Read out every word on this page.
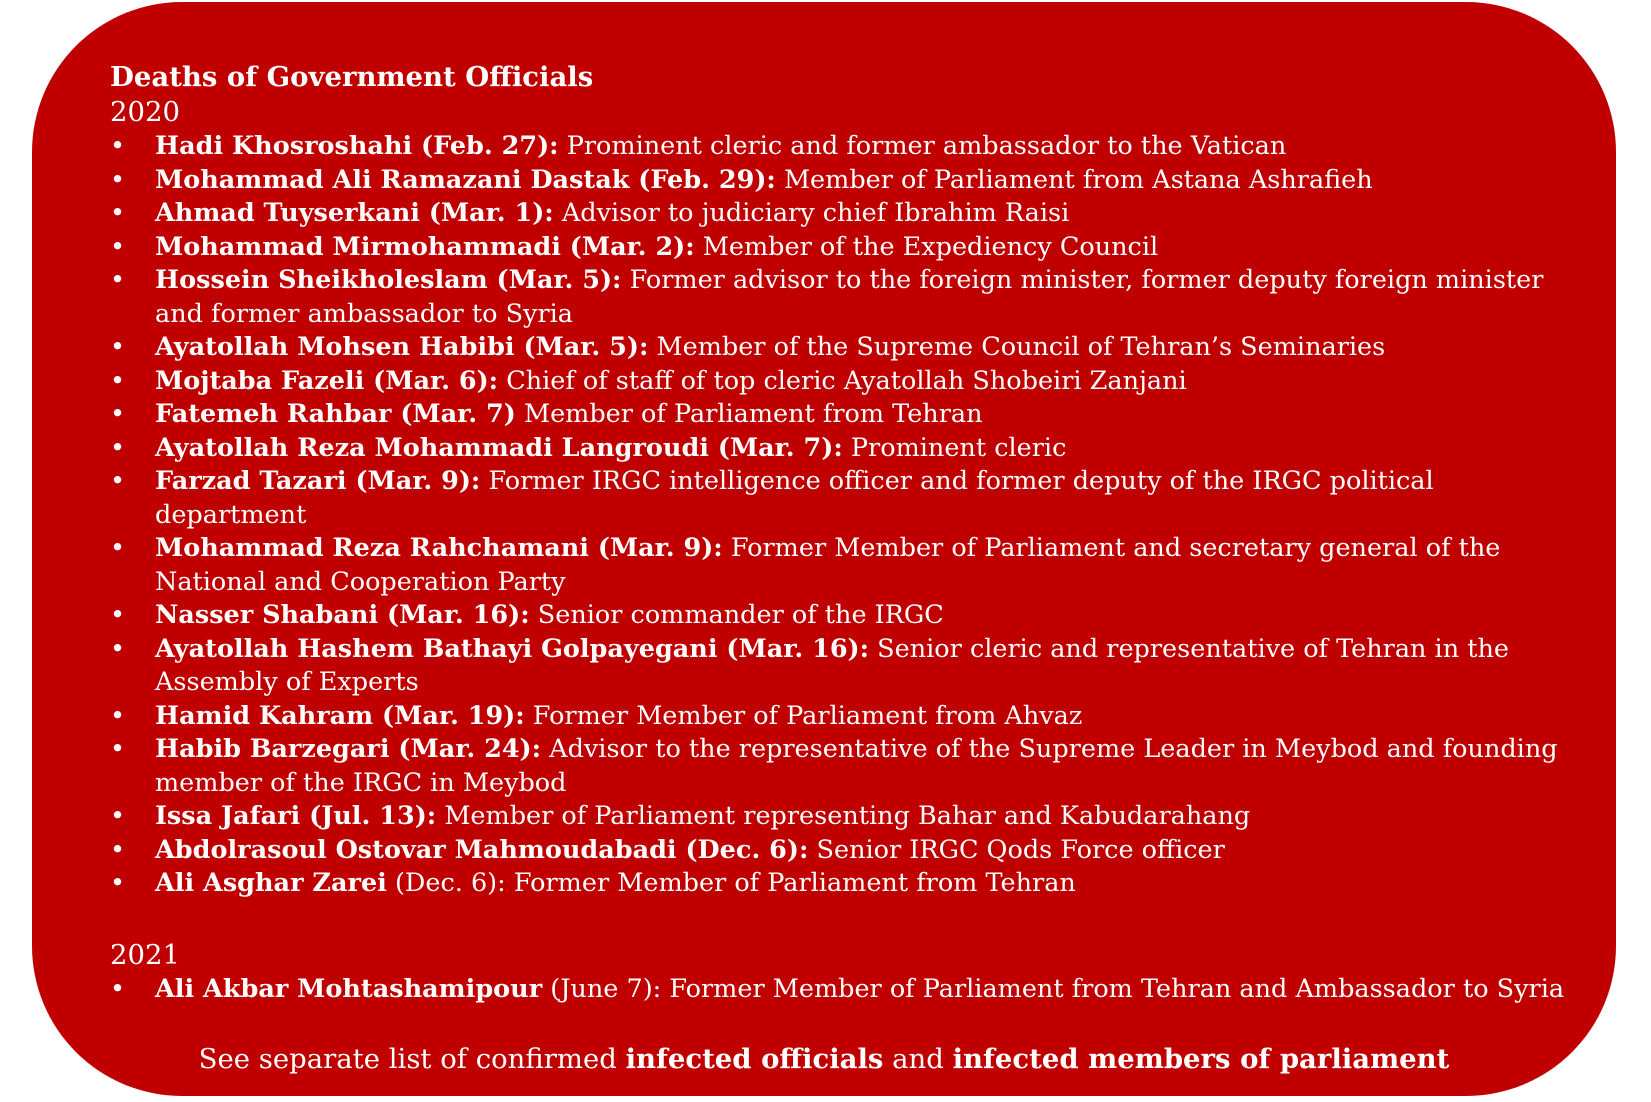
Deaths of Government Officials
2020
• Hadi Khosroshahi (Feb. 27): Prominent cleric and former ambassador to the Vatican
• Mohammad Ali Ramazani Dastak (Feb. 29): Member of Parliament from Astana Ashrafieh
• Ahmad Tuyserkani (Mar. 1): Advisor to judiciary chief Ibrahim Raisi
• Mohammad Mirmohammadi (Mar. 2): Member of the Expediency Council
• Hossein Sheikholeslam (Mar. 5): Former advisor to the foreign minister, former deputy foreign minister and former ambassador to Syria
• Ayatollah Mohsen Habibi (Mar. 5): Member of the Supreme Council of Tehran’s Seminaries
• Mojtaba Fazeli (Mar. 6): Chief of staff of top cleric Ayatollah Shobeiri Zanjani
• Fatemeh Rahbar (Mar. 7) Member of Parliament from Tehran
• Ayatollah Reza Mohammadi Langroudi (Mar. 7): Prominent cleric
• Farzad Tazari (Mar. 9): Former IRGC intelligence officer and former deputy of the IRGC political department
• Mohammad Reza Rahchamani (Mar. 9): Former Member of Parliament and secretary general of the National and Cooperation Party
• Nasser Shabani (Mar. 16): Senior commander of the IRGC
• Ayatollah Hashem Bathayi Golpayegani (Mar. 16): Senior cleric and representative of Tehran in the Assembly of Experts
• Hamid Kahram (Mar. 19): Former Member of Parliament from Ahvaz
• Habib Barzegari (Mar. 24): Advisor to the representative of the Supreme Leader in Meybod and founding member of the IRGC in Meybod
• Issa Jafari (Jul. 13): Member of Parliament representing Bahar and Kabudarahang
• Abdolrasoul Ostovar Mahmoudabadi (Dec. 6): Senior IRGC Qods Force officer
• Ali Asghar Zarei (Dec. 6): Former Member of Parliament from Tehran
2021
• Ali Akbar Mohtashamipour (June 7): Former Member of Parliament from Tehran and Ambassador to Syria
See separate list of confirmed infected officials and infected members of parliament
